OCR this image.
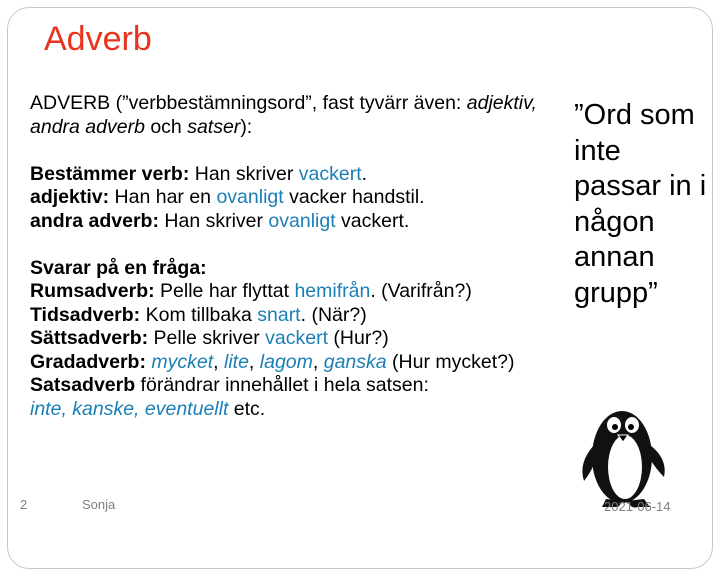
Adverb

ADVERB (”verbbestämningsord”, fast tyvärr även: adjektiv, andra adverb och satser):

Bestämmer verb: Han skriver vackert.

adjektiv: Han har en ovanligt vacker handstil.

andra adverb: Han skriver ovanligt vackert.

Svarar på en fråga:

Rumsadverb: Pelle har flyttat hemifrån. (Varifrån?)

Tidsadverb: Kom tillbaka snart. (När?)

Sättsadverb: Pelle skriver vackert (Hur?)

Gradadverb: mycket, lite, lagom, ganska (Hur mycket?)

Satsadverb förändrar innehållet i hela satsen:

inte, kanske, eventuellt etc.

”Ord som inte passar in i någon annan grupp”
2	Sonja	2021-06-14
